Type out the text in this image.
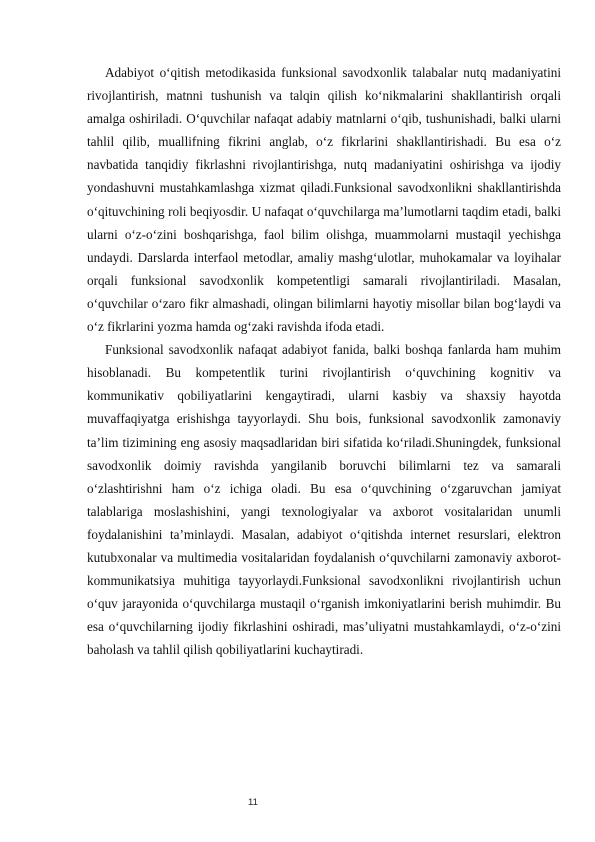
Adabiyot o‘qitish metodikasida funksional savodxonlik talabalar nutq madaniyatini rivojlantirish, matnni tushunish va talqin qilish ko‘nikmalarini shakllantirish orqali amalga oshiriladi. O‘quvchilar nafaqat adabiy matnlarni o‘qib, tushunishadi, balki ularni tahlil qilib, muallifning fikrini anglab, o‘z fikrlarini shakllantirishadi. Bu esa o‘z navbatida tanqidiy fikrlashni rivojlantirishga, nutq madaniyatini oshirishga va ijodiy yondashuvni mustahkamlashga xizmat qiladi.Funksional savodxonlikni shakllantirishda o‘qituvchining roli beqiyosdir. U nafaqat o‘quvchilarga ma’lumotlarni taqdim etadi, balki ularni o‘z-o‘zini boshqarishga, faol bilim olishga, muammolarni mustaqil yechishga undaydi. Darslarda interfaol metodlar, amaliy mashg‘ulotlar, muhokamalar va loyihalar orqali funksional savodxonlik kompetentligi samarali rivojlantiriladi. Masalan, o‘quvchilar o‘zaro fikr almashadi, olingan bilimlarni hayotiy misollar bilan bog‘laydi va o‘z fikrlarini yozma hamda og‘zaki ravishda ifoda etadi.

Funksional savodxonlik nafaqat adabiyot fanida, balki boshqa fanlarda ham muhim hisoblanadi. Bu kompetentlik turini rivojlantirish o‘quvchining kognitiv va kommunikativ qobiliyatlarini kengaytiradi, ularni kasbiy va shaxsiy hayotda muvaffaqiyatga erishishga tayyorlaydi. Shu bois, funksional savodxonlik zamonaviy ta’lim tizimining eng asosiy maqsadlaridan biri sifatida ko‘riladi.Shuningdek, funksional savodxonlik doimiy ravishda yangilanib boruvchi bilimlarni tez va samarali o‘zlashtirishni ham o‘z ichiga oladi. Bu esa o‘quvchining o‘zgaruvchan jamiyat talablariga moslashishini, yangi texnologiyalar va axborot vositalaridan unumli foydalanishini ta’minlaydi. Masalan, adabiyot o‘qitishda internet resurslari, elektron kutubxonalar va multimedia vositalaridan foydalanish o‘quvchilarni zamonaviy axborot-kommunikatsiya muhitiga tayyorlaydi.Funksional savodxonlikni rivojlantirish uchun o‘quv jarayonida o‘quvchilarga mustaqil o‘rganish imkoniyatlarini berish muhimdir. Bu esa o‘quvchilarning ijodiy fikrlashini oshiradi, mas’uliyatni mustahkamlaydi, o‘z-o‘zini baholash va tahlil qilish qobiliyatlarini kuchaytiradi.

11
